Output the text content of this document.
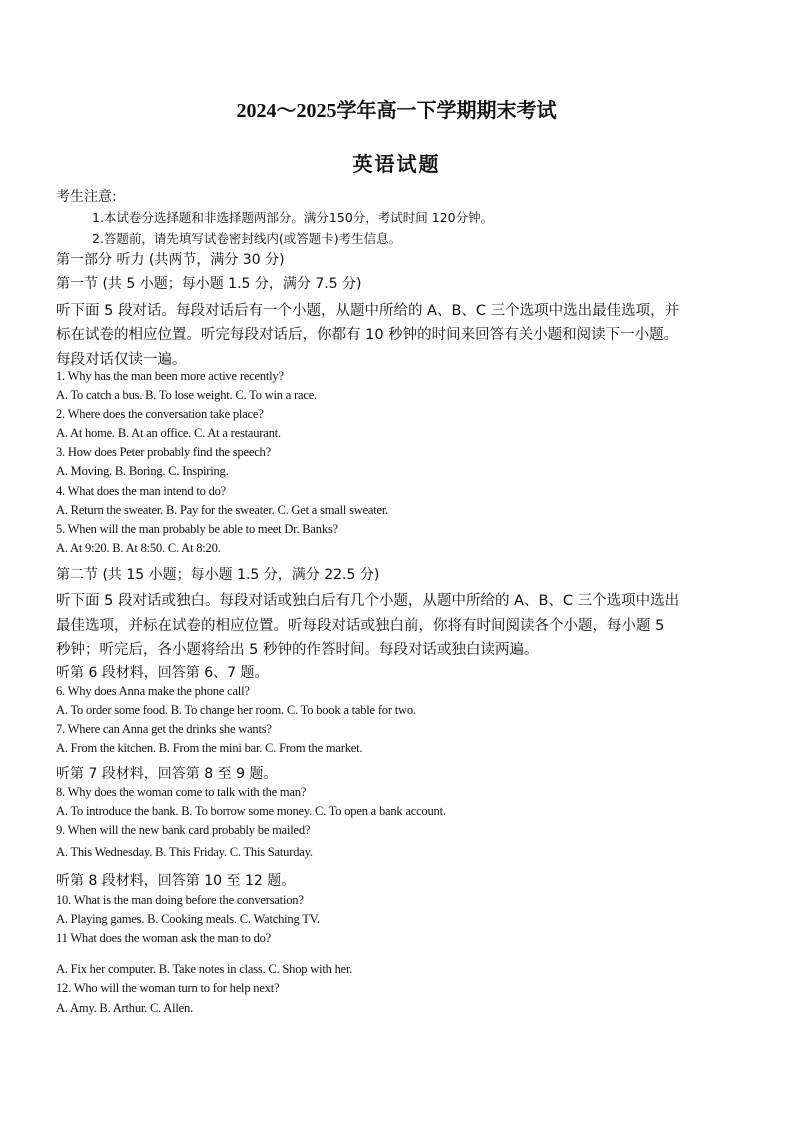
2024～2025学年高一下学期期末考试
英语试题
考生注意:
1.本试卷分选择题和非选择题两部分。满分150分，考试时间 120分钟。
2.答题前，请先填写试卷密封线内(或答题卡)考生信息。
第一部分 听力 (共两节，满分 30 分)
第一节 (共 5 小题；每小题 1.5 分，满分 7.5 分)
听下面 5 段对话。每段对话后有一个小题，从题中所给的 A、B、C 三个选项中选出最佳选项，并
标在试卷的相应位置。听完每段对话后，你都有 10 秒钟的时间来回答有关小题和阅读下一小题。
每段对话仅读一遍。
1. Why has the man been more active recently?
A. To catch a bus. B. To lose weight. C. To win a race.
2. Where does the conversation take place?
A. At home. B. At an office. C. At a restaurant.
3. How does Peter probably find the speech?
A. Moving. B. Boring. C. Inspiring.
4. What does the man intend to do?
A. Return the sweater. B. Pay for the sweater. C. Get a small sweater.
5. When will the man probably be able to meet Dr. Banks?
A. At 9:20. B. At 8:50. C. At 8:20.
第二节 (共 15 小题；每小题 1.5 分，满分 22.5 分)
听下面 5 段对话或独白。每段对话或独白后有几个小题，从题中所给的 A、B、C 三个选项中选出
最佳选项，并标在试卷的相应位置。听每段对话或独白前，你将有时间阅读各个小题，每小题 5
秒钟；听完后，各小题将给出 5 秒钟的作答时间。每段对话或独白读两遍。
听第 6 段材料，回答第 6、7 题。
6. Why does Anna make the phone call?
A. To order some food. B. To change her room. C. To book a table for two.
7. Where can Anna get the drinks she wants?
A. From the kitchen. B. From the mini bar. C. From the market.
听第 7 段材料，回答第 8 至 9 题。
8. Why does the woman come to talk with the man?
A. To introduce the bank. B. To borrow some money. C. To open a bank account.
9. When will the new bank card probably be mailed?
A. This Wednesday. B. This Friday. C. This Saturday.
听第 8 段材料，回答第 10 至 12 题。
10. What is the man doing before the conversation?
A. Playing games. B. Cooking meals. C. Watching TV.
11 What does the woman ask the man to do?
A. Fix her computer. B. Take notes in class. C. Shop with her.
12. Who will the woman turn to for help next?
A. Amy. B. Arthur. C. Allen.
